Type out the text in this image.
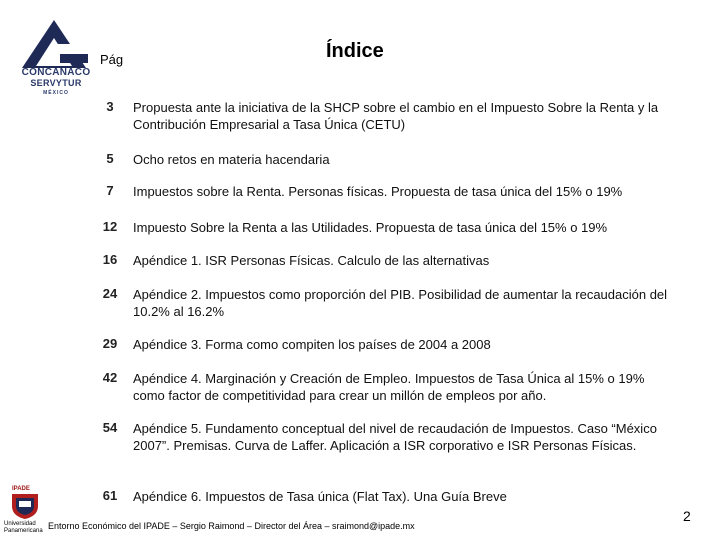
CONCANACO
SERVYTUR
MÉXICO
Pág	Índice
3	Propuesta ante la iniciativa de la SHCP sobre el cambio en el Impuesto Sobre la Renta y la Contribución Empresarial a Tasa Única (CETU)
5	Ocho retos en materia hacendaria
7	Impuestos sobre la Renta. Personas físicas. Propuesta de tasa única del 15% o 19%
12	Impuesto Sobre la Renta a las Utilidades. Propuesta de tasa única del 15% o 19%
16	Apéndice 1. ISR Personas Físicas. Calculo de las alternativas
24	Apéndice 2. Impuestos como proporción del PIB. Posibilidad de aumentar la recaudación del 10.2% al 16.2%
29	Apéndice 3. Forma como compiten los países de 2004 a 2008
42	Apéndice 4. Marginación y Creación de Empleo. Impuestos de Tasa Única al 15% o 19% como factor de competitividad para crear un millón de empleos por año.
54	Apéndice 5. Fundamento conceptual del nivel de recaudación de Impuestos. Caso “México 2007”. Premisas. Curva de Laffer. Aplicación a ISR corporativo e ISR Personas Físicas.
61	Apéndice 6. Impuestos de Tasa única (Flat Tax). Una Guía Breve
IPADE
Universidad Panamericana Entorno Económico del IPADE – Sergio Raimond – Director del Área – sraimond@ipade.mx
2
